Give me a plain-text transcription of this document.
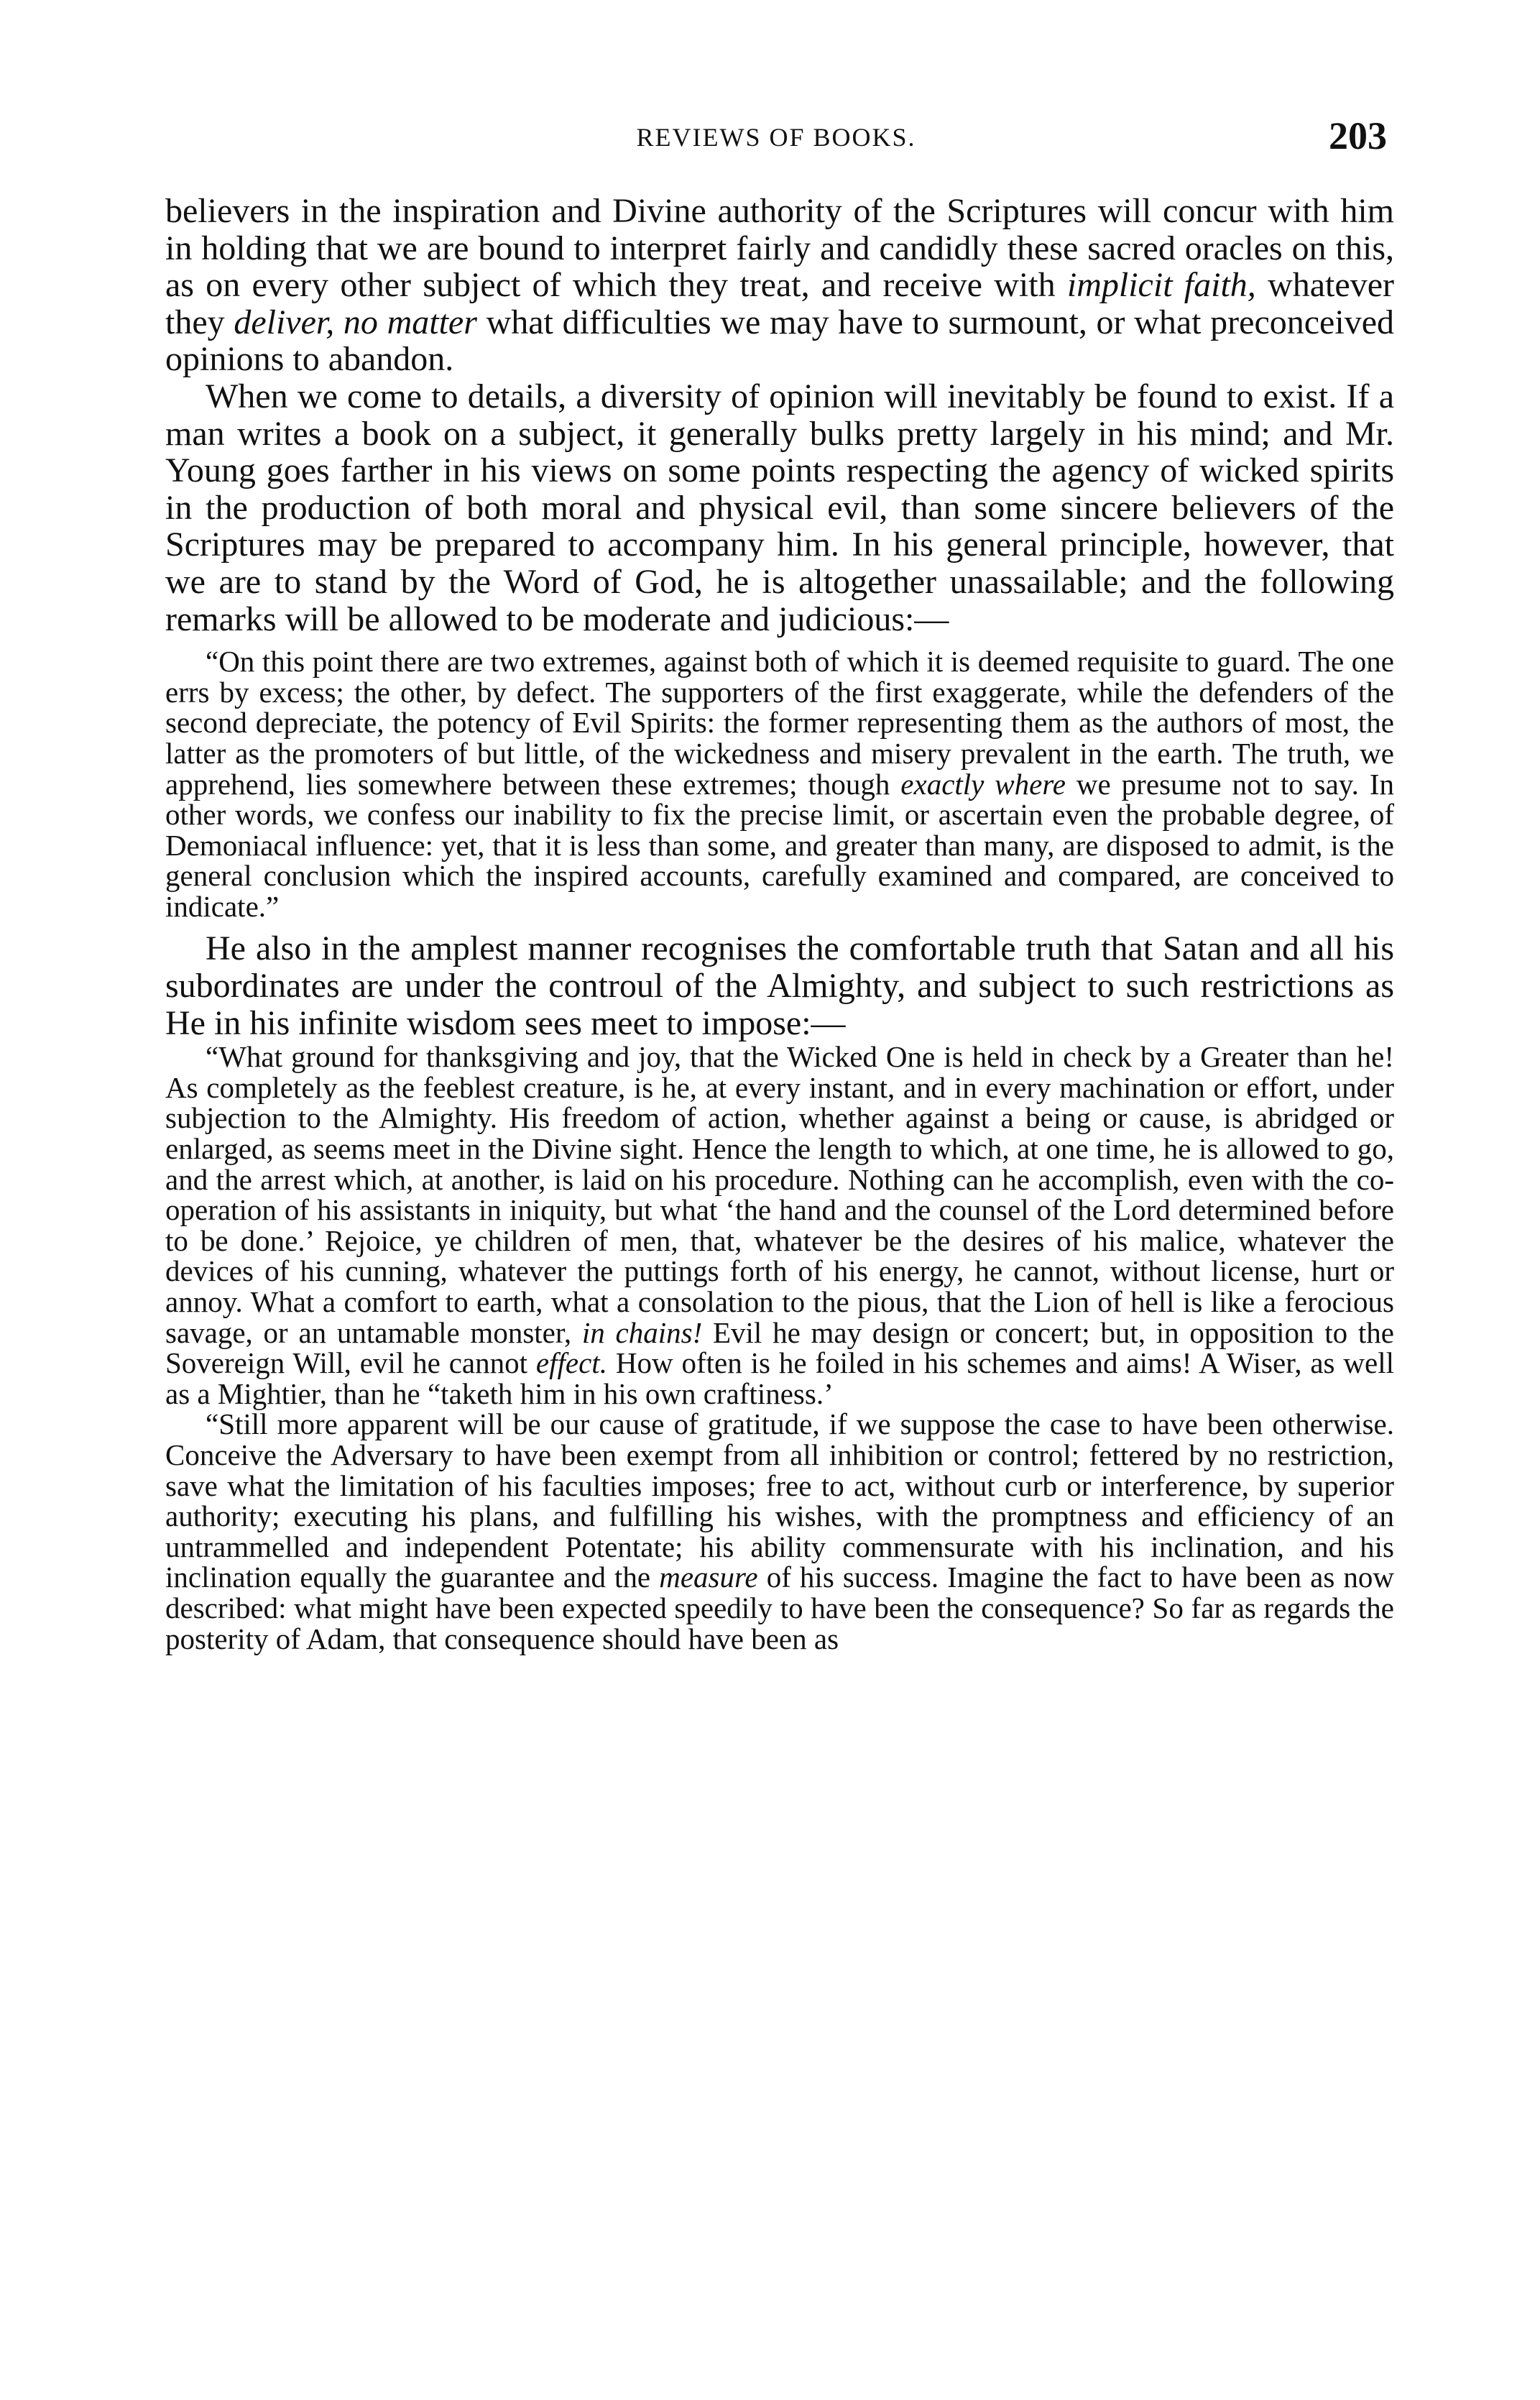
REVIEWS OF BOOKS.	203

believers in the inspiration and Divine authority of the Scriptures will concur with him in holding that we are bound to interpret fairly and candidly these sacred oracles on this, as on every other subject of which they treat, and receive with implicit faith, whatever they deliver, no matter what difficulties we may have to surmount, or what preconceived opinions to abandon.

When we come to details, a diversity of opinion will inevitably be found to exist. If a man writes a book on a subject, it generally bulks pretty largely in his mind; and Mr. Young goes farther in his views on some points respecting the agency of wicked spirits in the production of both moral and physical evil, than some sincere believers of the Scriptures may be prepared to accompany him. In his general principle, however, that we are to stand by the Word of God, he is altogether unassailable; and the following remarks will be allowed to be moderate and judicious:—

“On this point there are two extremes, against both of which it is deemed requisite to guard. The one errs by excess; the other, by defect. The supporters of the first exaggerate, while the defenders of the second depreciate, the potency of Evil Spirits: the former representing them as the authors of most, the latter as the promoters of but little, of the wickedness and misery prevalent in the earth. The truth, we apprehend, lies somewhere between these extremes; though exactly where we presume not to say. In other words, we confess our inability to fix the precise limit, or ascertain even the probable degree, of Demoniacal influence: yet, that it is less than some, and greater than many, are disposed to admit, is the general conclusion which the inspired accounts, carefully examined and compared, are conceived to indicate.”

He also in the amplest manner recognises the comfortable truth that Satan and all his subordinates are under the controul of the Almighty, and subject to such restrictions as He in his infinite wisdom sees meet to impose:—

“What ground for thanksgiving and joy, that the Wicked One is held in check by a Greater than he! As completely as the feeblest creature, is he, at every instant, and in every machination or effort, under subjection to the Almighty. His freedom of action, whether against a being or cause, is abridged or enlarged, as seems meet in the Divine sight. Hence the length to which, at one time, he is allowed to go, and the arrest which, at another, is laid on his procedure. Nothing can he accomplish, even with the co-operation of his assistants in iniquity, but what ‘the hand and the counsel of the Lord determined before to be done.’ Rejoice, ye children of men, that, whatever be the desires of his malice, whatever the devices of his cunning, whatever the puttings forth of his energy, he cannot, without license, hurt or annoy. What a comfort to earth, what a consolation to the pious, that the Lion of hell is like a ferocious savage, or an untamable monster, in chains! Evil he may design or concert; but, in opposition to the Sovereign Will, evil he cannot effect. How often is he foiled in his schemes and aims! A Wiser, as well as a Mightier, than he “taketh him in his own craftiness.’

“Still more apparent will be our cause of gratitude, if we suppose the case to have been otherwise. Conceive the Adversary to have been exempt from all inhibition or control; fettered by no restriction, save what the limitation of his faculties imposes; free to act, without curb or interference, by superior authority; executing his plans, and fulfilling his wishes, with the promptness and efficiency of an untrammelled and independent Potentate; his ability commensurate with his inclination, and his inclination equally the guarantee and the measure of his success. Imagine the fact to have been as now described: what might have been expected speedily to have been the consequence? So far as regards the posterity of Adam, that consequence should have been as
